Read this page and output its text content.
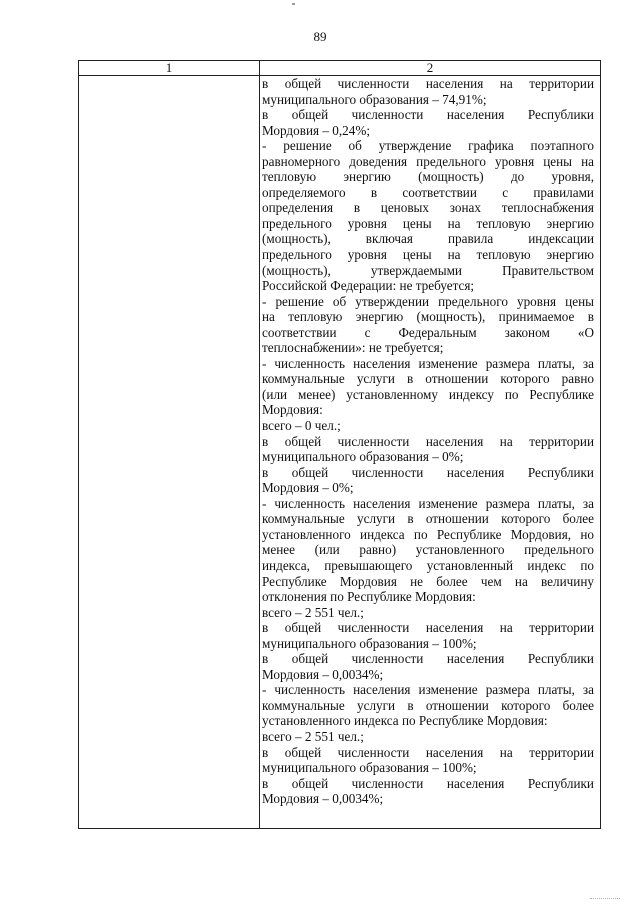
89
1	2
в общей численности населения на территории
муниципального образования – 74,91%;
в общей численности населения Республики
Мордовия – 0,24%;
- решение об утверждение графика поэтапного
равномерного доведения предельного уровня цены на
тепловую энергию (мощность) до уровня,
определяемого в соответствии с правилами
определения в ценовых зонах теплоснабжения
предельного уровня цены на тепловую энергию
(мощность), включая правила индексации
предельного уровня цены на тепловую энергию
(мощность), утверждаемыми Правительством
Российской Федерации: не требуется;
- решение об утверждении предельного уровня цены
на тепловую энергию (мощность), принимаемое в
соответствии с Федеральным законом «О
теплоснабжении»: не требуется;
- численность населения изменение размера платы, за
коммунальные услуги в отношении которого равно
(или менее) установленному индексу по Республике
Мордовия:
всего – 0 чел.;
в общей численности населения на территории
муниципального образования – 0%;
в общей численности населения Республики
Мордовия – 0%;
- численность населения изменение размера платы, за
коммунальные услуги в отношении которого более
установленного индекса по Республике Мордовия, но
менее (или равно) установленного предельного
индекса, превышающего установленный индекс по
Республике Мордовия не более чем на величину
отклонения по Республике Мордовия:
всего – 2 551 чел.;
в общей численности населения на территории
муниципального образования – 100%;
в общей численности населения Республики
Мордовия – 0,0034%;
- численность населения изменение размера платы, за
коммунальные услуги в отношении которого более
установленного индекса по Республике Мордовия:
всего – 2 551 чел.;
в общей численности населения на территории
муниципального образования – 100%;
в общей численности населения Республики
Мордовия – 0,0034%;
